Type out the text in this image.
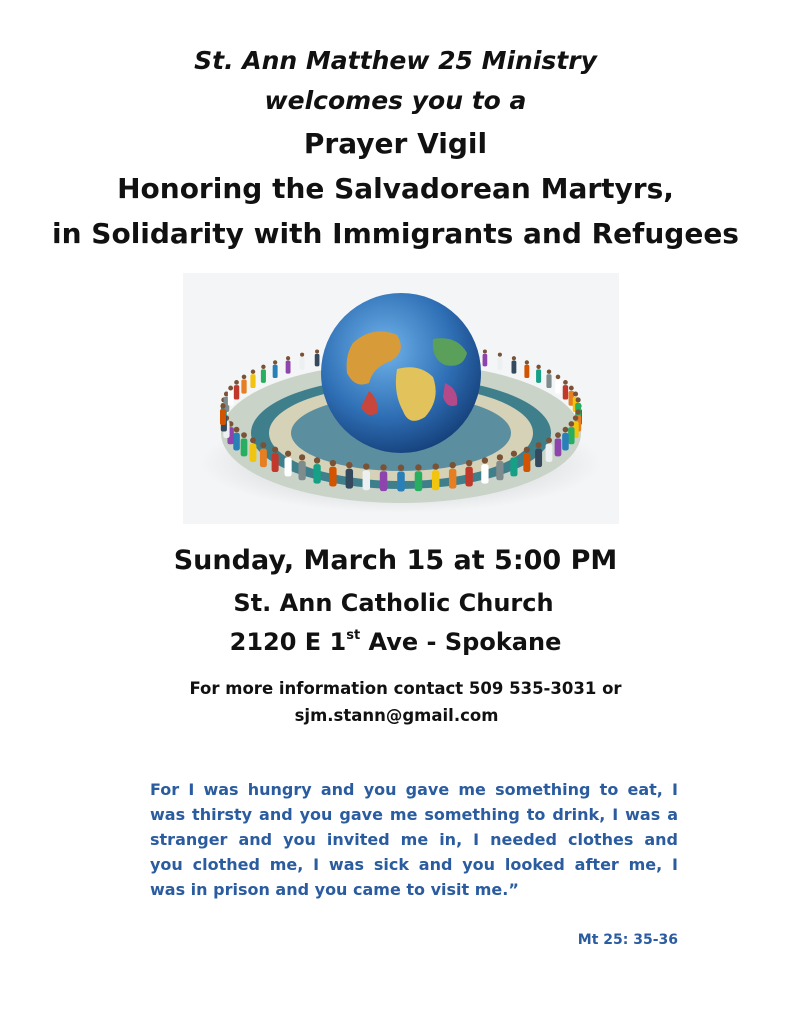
St. Ann Matthew 25 Ministry
welcomes you to a
Prayer Vigil
Honoring the Salvadorean Martyrs,
in Solidarity with Immigrants and Refugees
Sunday, March 15 at 5:00 PM
St. Ann Catholic Church
2120 E 1st Ave - Spokane
For more information contact 509 535-3031 or
sjm.stann@gmail.com
For I was hungry and you gave me something to eat, I
was thirsty and you gave me something to drink, I was a
stranger and you invited me in, I needed clothes and
you clothed me, I was sick and you looked after me, I
was in prison and you came to visit me.”
Mt 25: 35-36
